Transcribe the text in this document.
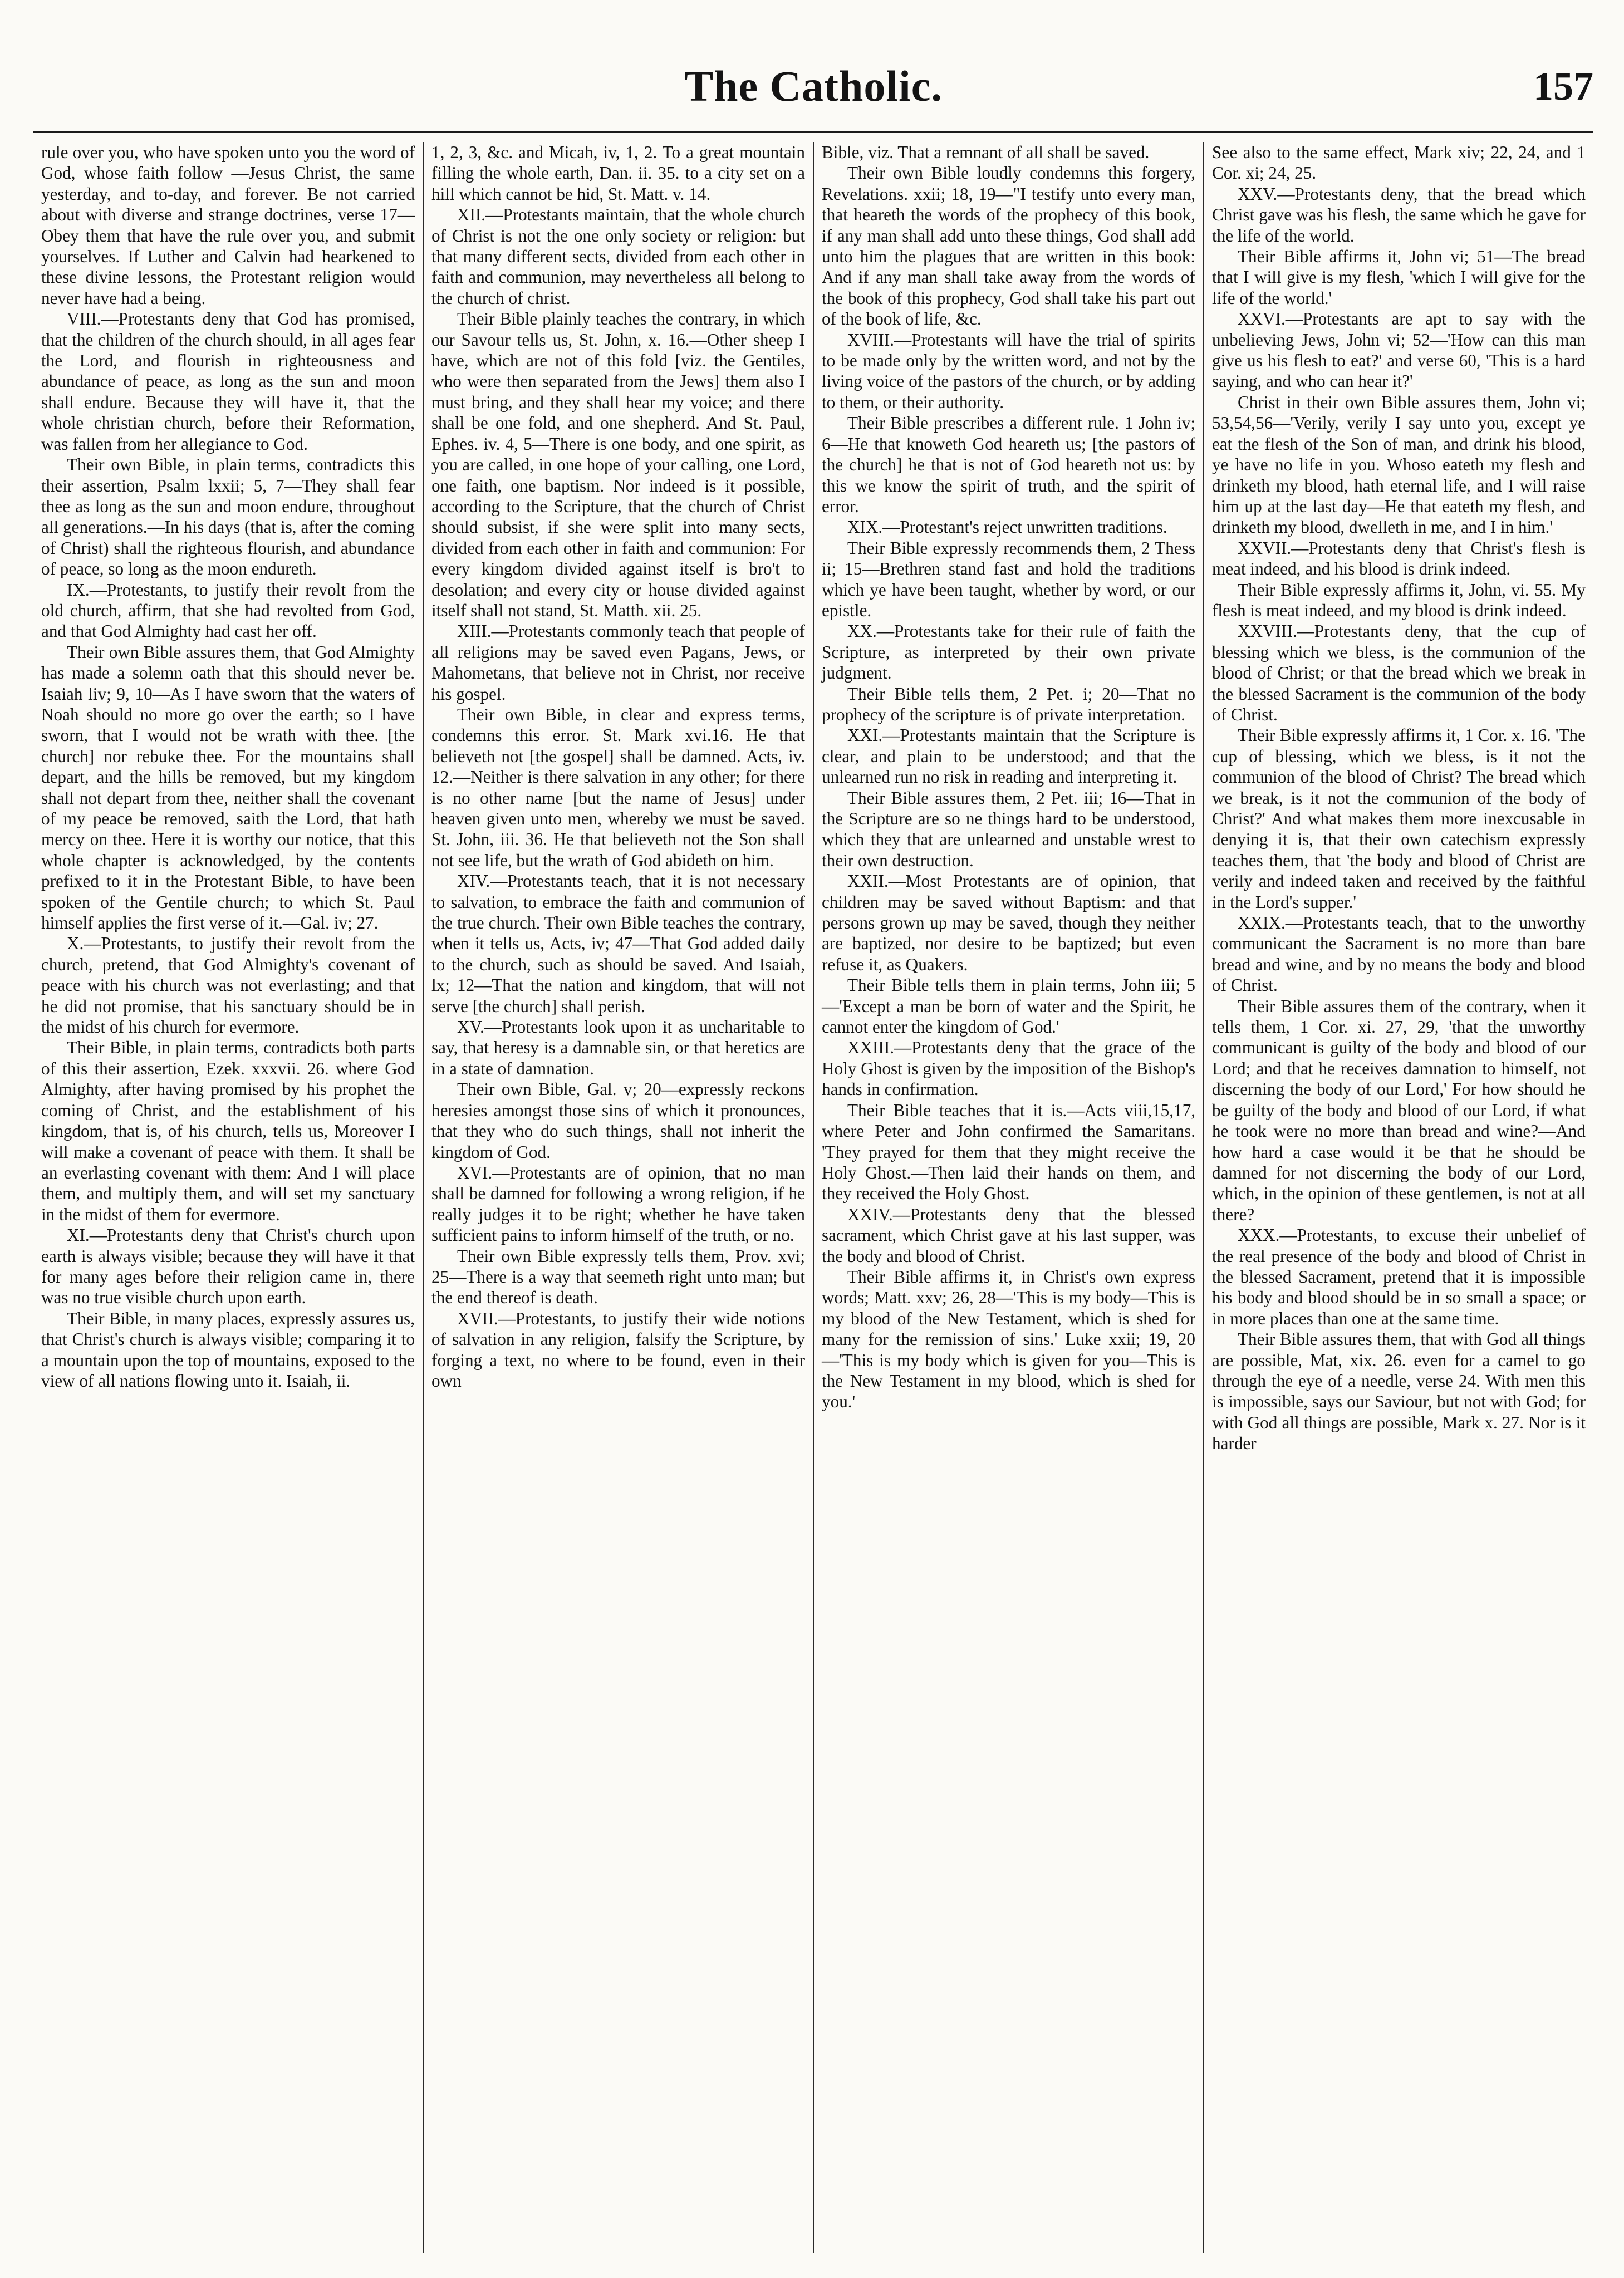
The Catholic.	157

rule over you, who have spoken unto you the word of God, whose faith follow —Jesus Christ, the same yesterday, and to-day, and forever. Be not carried about with diverse and strange doctrines, verse 17—Obey them that have the rule over you, and submit yourselves. If Luther and Calvin had hearkened to these divine lessons, the Protestant religion would never have had a being.

VIII.—Protestants deny that God has promised, that the children of the church should, in all ages fear the Lord, and flourish in righteousness and abundance of peace, as long as the sun and moon shall endure. Because they will have it, that the whole christian church, before their Reformation, was fallen from her allegiance to God.

Their own Bible, in plain terms, contradicts this their assertion, Psalm lxxii; 5, 7—They shall fear thee as long as the sun and moon endure, throughout all generations.—In his days (that is, after the coming of Christ) shall the righteous flourish, and abundance of peace, so long as the moon endureth.

IX.—Protestants, to justify their revolt from the old church, affirm, that she had revolted from God, and that God Almighty had cast her off.

Their own Bible assures them, that God Almighty has made a solemn oath that this should never be. Isaiah liv; 9, 10—As I have sworn that the waters of Noah should no more go over the earth; so I have sworn, that I would not be wrath with thee. [the church] nor rebuke thee. For the mountains shall depart, and the hills be removed, but my kingdom shall not depart from thee, neither shall the covenant of my peace be removed, saith the Lord, that hath mercy on thee. Here it is worthy our notice, that this whole chapter is acknowledged, by the contents prefixed to it in the Protestant Bible, to have been spoken of the Gentile church; to which St. Paul himself applies the first verse of it.—Gal. iv; 27.

X.—Protestants, to justify their revolt from the church, pretend, that God Almighty's covenant of peace with his church was not everlasting; and that he did not promise, that his sanctuary should be in the midst of his church for evermore.

Their Bible, in plain terms, contradicts both parts of this their assertion, Ezek. xxxvii. 26. where God Almighty, after having promised by his prophet the coming of Christ, and the establishment of his kingdom, that is, of his church, tells us, Moreover I will make a covenant of peace with them. It shall be an everlasting covenant with them: And I will place them, and multiply them, and will set my sanctuary in the midst of them for evermore.

XI.—Protestants deny that Christ's church upon earth is always visible; because they will have it that for many ages before their religion came in, there was no true visible church upon earth.

Their Bible, in many places, expressly assures us, that Christ's church is always visible; comparing it to a mountain upon the top of mountains, exposed to the view of all nations flowing unto it. Isaiah, ii.

1, 2, 3, &c. and Micah, iv, 1, 2. To a great mountain filling the whole earth, Dan. ii. 35. to a city set on a hill which cannot be hid, St. Matt. v. 14.

XII.—Protestants maintain, that the whole church of Christ is not the one only society or religion: but that many different sects, divided from each other in faith and communion, may nevertheless all belong to the church of christ.

Their Bible plainly teaches the contrary, in which our Savour tells us, St. John, x. 16.—Other sheep I have, which are not of this fold [viz. the Gentiles, who were then separated from the Jews] them also I must bring, and they shall hear my voice; and there shall be one fold, and one shepherd. And St. Paul, Ephes. iv. 4, 5—There is one body, and one spirit, as you are called, in one hope of your calling, one Lord, one faith, one baptism. Nor indeed is it possible, according to the Scripture, that the church of Christ should subsist, if she were split into many sects, divided from each other in faith and communion: For every kingdom divided against itself is bro't to desolation; and every city or house divided against itself shall not stand, St. Matth. xii. 25.

XIII.—Protestants commonly teach that people of all religions may be saved even Pagans, Jews, or Mahometans, that believe not in Christ, nor receive his gospel.

Their own Bible, in clear and express terms, condemns this error. St. Mark xvi.16. He that believeth not [the gospel] shall be damned. Acts, iv. 12.—Neither is there salvation in any other; for there is no other name [but the name of Jesus] under heaven given unto men, whereby we must be saved. St. John, iii. 36. He that believeth not the Son shall not see life, but the wrath of God abideth on him.

XIV.—Protestants teach, that it is not necessary to salvation, to embrace the faith and communion of the true church. Their own Bible teaches the contrary, when it tells us, Acts, iv; 47—That God added daily to the church, such as should be saved. And Isaiah, lx; 12—That the nation and kingdom, that will not serve [the church] shall perish.

XV.—Protestants look upon it as uncharitable to say, that heresy is a damnable sin, or that heretics are in a state of damnation.

Their own Bible, Gal. v; 20—expressly reckons heresies amongst those sins of which it pronounces, that they who do such things, shall not inherit the kingdom of God.

XVI.—Protestants are of opinion, that no man shall be damned for following a wrong religion, if he really judges it to be right; whether he have taken sufficient pains to inform himself of the truth, or no.

Their own Bible expressly tells them, Prov. xvi; 25—There is a way that seemeth right unto man; but the end thereof is death.

XVII.—Protestants, to justify their wide notions of salvation in any religion, falsify the Scripture, by forging a text, no where to be found, even in their own

Bible, viz. That a remnant of all shall be saved.

Their own Bible loudly condemns this forgery, Revelations. xxii; 18, 19—"I testify unto every man, that heareth the words of the prophecy of this book, if any man shall add unto these things, God shall add unto him the plagues that are written in this book: And if any man shall take away from the words of the book of this prophecy, God shall take his part out of the book of life, &c.

XVIII.—Protestants will have the trial of spirits to be made only by the written word, and not by the living voice of the pastors of the church, or by adding to them, or their authority.

Their Bible prescribes a different rule. 1 John iv; 6—He that knoweth God heareth us; [the pastors of the church] he that is not of God heareth not us: by this we know the spirit of truth, and the spirit of error.

XIX.—Protestant's reject unwritten traditions.

Their Bible expressly recommends them, 2 Thess ii; 15—Brethren stand fast and hold the traditions which ye have been taught, whether by word, or our epistle.

XX.—Protestants take for their rule of faith the Scripture, as interpreted by their own private judgment.

Their Bible tells them, 2 Pet. i; 20—That no prophecy of the scripture is of private interpretation.

XXI.—Protestants maintain that the Scripture is clear, and plain to be understood; and that the unlearned run no risk in reading and interpreting it.

Their Bible assures them, 2 Pet. iii; 16—That in the Scripture are so ne things hard to be understood, which they that are unlearned and unstable wrest to their own destruction.

XXII.—Most Protestants are of opinion, that children may be saved without Baptism: and that persons grown up may be saved, though they neither are baptized, nor desire to be baptized; but even refuse it, as Quakers.

Their Bible tells them in plain terms, John iii; 5—'Except a man be born of water and the Spirit, he cannot enter the kingdom of God.'

XXIII.—Protestants deny that the grace of the Holy Ghost is given by the imposition of the Bishop's hands in confirmation.

Their Bible teaches that it is.—Acts viii,15,17, where Peter and John confirmed the Samaritans. 'They prayed for them that they might receive the Holy Ghost.—Then laid their hands on them, and they received the Holy Ghost.

XXIV.—Protestants deny that the blessed sacrament, which Christ gave at his last supper, was the body and blood of Christ.

Their Bible affirms it, in Christ's own express words; Matt. xxv; 26, 28—'This is my body—This is my blood of the New Testament, which is shed for many for the remission of sins.' Luke xxii; 19, 20—'This is my body which is given for you—This is the New Testament in my blood, which is shed for you.'

See also to the same effect, Mark xiv; 22, 24, and 1 Cor. xi; 24, 25.

XXV.—Protestants deny, that the bread which Christ gave was his flesh, the same which he gave for the life of the world.

Their Bible affirms it, John vi; 51—The bread that I will give is my flesh, 'which I will give for the life of the world.'

XXVI.—Protestants are apt to say with the unbelieving Jews, John vi; 52—'How can this man give us his flesh to eat?' and verse 60, 'This is a hard saying, and who can hear it?'

Christ in their own Bible assures them, John vi; 53,54,56—'Verily, verily I say unto you, except ye eat the flesh of the Son of man, and drink his blood, ye have no life in you. Whoso eateth my flesh and drinketh my blood, hath eternal life, and I will raise him up at the last day—He that eateth my flesh, and drinketh my blood, dwelleth in me, and I in him.'

XXVII.—Protestants deny that Christ's flesh is meat indeed, and his blood is drink indeed.

Their Bible expressly affirms it, John, vi. 55. My flesh is meat indeed, and my blood is drink indeed.

XXVIII.—Protestants deny, that the cup of blessing which we bless, is the communion of the blood of Christ; or that the bread which we break in the blessed Sacrament is the communion of the body of Christ.

Their Bible expressly affirms it, 1 Cor. x. 16. 'The cup of blessing, which we bless, is it not the communion of the blood of Christ? The bread which we break, is it not the communion of the body of Christ?' And what makes them more inexcusable in denying it is, that their own catechism expressly teaches them, that 'the body and blood of Christ are verily and indeed taken and received by the faithful in the Lord's supper.'

XXIX.—Protestants teach, that to the unworthy communicant the Sacrament is no more than bare bread and wine, and by no means the body and blood of Christ.

Their Bible assures them of the contrary, when it tells them, 1 Cor. xi. 27, 29, 'that the unworthy communicant is guilty of the body and blood of our Lord; and that he receives damnation to himself, not discerning the body of our Lord,' For how should he be guilty of the body and blood of our Lord, if what he took were no more than bread and wine?—And how hard a case would it be that he should be damned for not discerning the body of our Lord, which, in the opinion of these gentlemen, is not at all there?

XXX.—Protestants, to excuse their unbelief of the real presence of the body and blood of Christ in the blessed Sacrament, pretend that it is impossible his body and blood should be in so small a space; or in more places than one at the same time.

Their Bible assures them, that with God all things are possible, Mat, xix. 26. even for a camel to go through the eye of a needle, verse 24. With men this is impossible, says our Saviour, but not with God; for with God all things are possible, Mark x. 27. Nor is it harder
